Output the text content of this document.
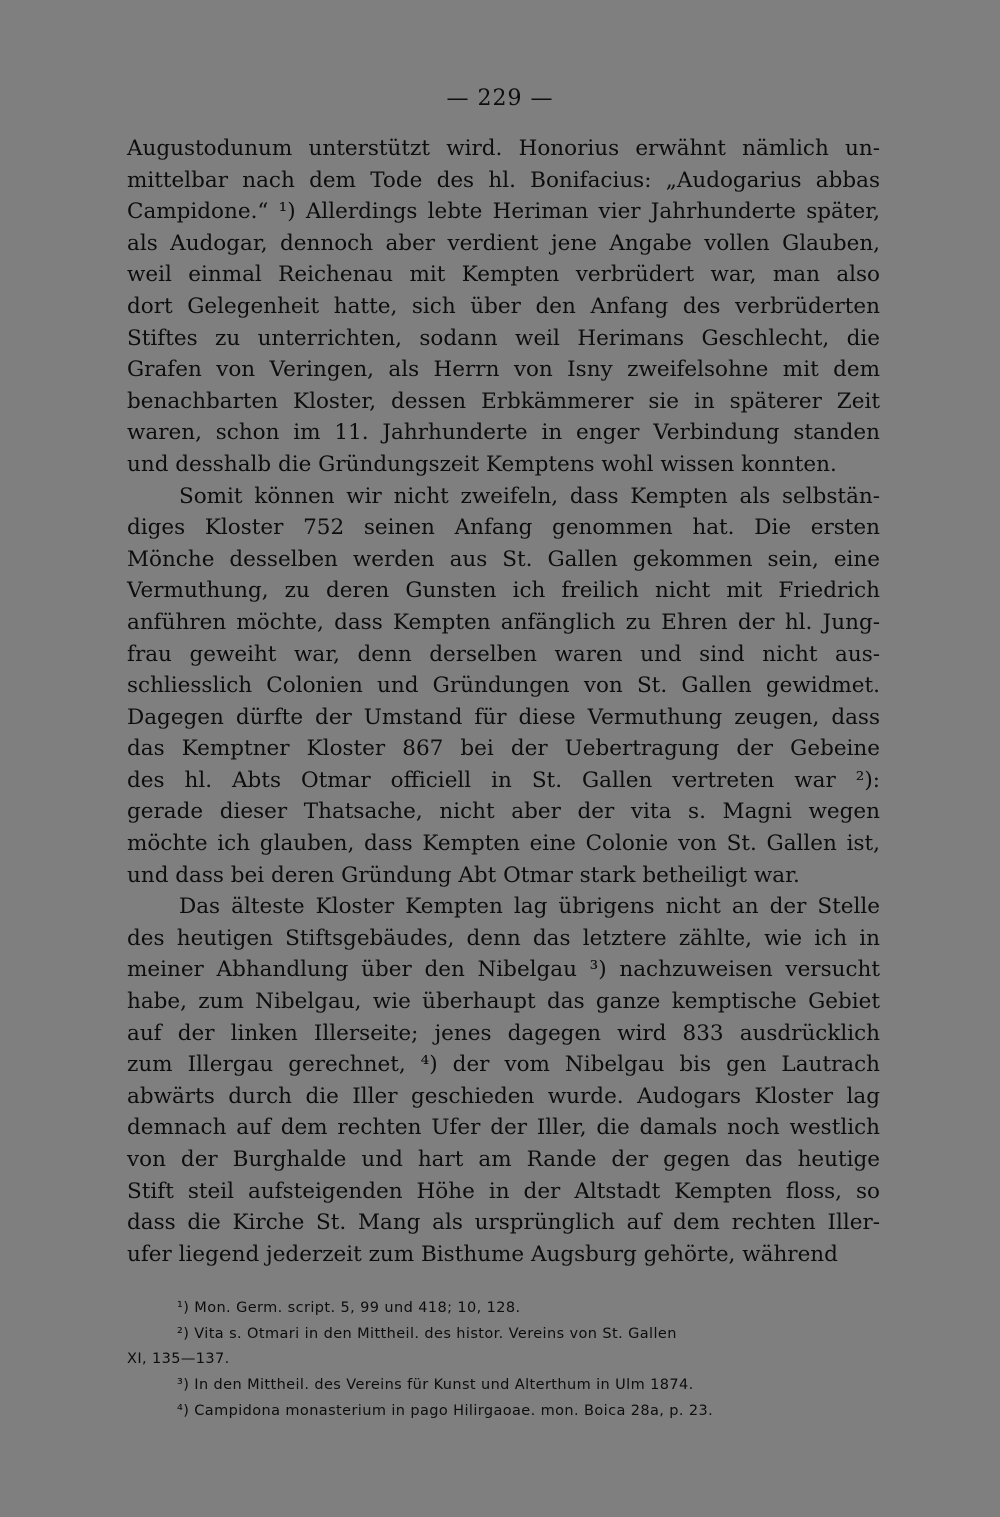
— 229 —
Augustodunum unterstützt wird. Honorius erwähnt nämlich un-
mittelbar nach dem Tode des hl. Bonifacius: „Audogarius abbas
Campidone.“ ¹) Allerdings lebte Heriman vier Jahrhunderte später,
als Audogar, dennoch aber verdient jene Angabe vollen Glauben,
weil einmal Reichenau mit Kempten verbrüdert war, man also
dort Gelegenheit hatte, sich über den Anfang des verbrüderten
Stiftes zu unterrichten, sodann weil Herimans Geschlecht, die
Grafen von Veringen, als Herrn von Isny zweifelsohne mit dem
benachbarten Kloster, dessen Erbkämmerer sie in späterer Zeit
waren, schon im 11. Jahrhunderte in enger Verbindung standen
und desshalb die Gründungszeit Kemptens wohl wissen konnten.
Somit können wir nicht zweifeln, dass Kempten als selbstän-
diges Kloster 752 seinen Anfang genommen hat. Die ersten
Mönche desselben werden aus St. Gallen gekommen sein, eine
Vermuthung, zu deren Gunsten ich freilich nicht mit Friedrich
anführen möchte, dass Kempten anfänglich zu Ehren der hl. Jung-
frau geweiht war, denn derselben waren und sind nicht aus-
schliesslich Colonien und Gründungen von St. Gallen gewidmet.
Dagegen dürfte der Umstand für diese Vermuthung zeugen, dass
das Kemptner Kloster 867 bei der Uebertragung der Gebeine
des hl. Abts Otmar officiell in St. Gallen vertreten war ²):
gerade dieser Thatsache, nicht aber der vita s. Magni wegen
möchte ich glauben, dass Kempten eine Colonie von St. Gallen ist,
und dass bei deren Gründung Abt Otmar stark betheiligt war.
Das älteste Kloster Kempten lag übrigens nicht an der Stelle
des heutigen Stiftsgebäudes, denn das letztere zählte, wie ich in
meiner Abhandlung über den Nibelgau ³) nachzuweisen versucht
habe, zum Nibelgau, wie überhaupt das ganze kemptische Gebiet
auf der linken Illerseite; jenes dagegen wird 833 ausdrücklich
zum Illergau gerechnet, ⁴) der vom Nibelgau bis gen Lautrach
abwärts durch die Iller geschieden wurde. Audogars Kloster lag
demnach auf dem rechten Ufer der Iller, die damals noch westlich
von der Burghalde und hart am Rande der gegen das heutige
Stift steil aufsteigenden Höhe in der Altstadt Kempten floss, so
dass die Kirche St. Mang als ursprünglich auf dem rechten Iller-
ufer liegend jederzeit zum Bisthume Augsburg gehörte, während
¹) Mon. Germ. script. 5, 99 und 418; 10, 128.
²) Vita s. Otmari in den Mittheil. des histor. Vereins von St. Gallen
XI, 135—137.
³) In den Mittheil. des Vereins für Kunst und Alterthum in Ulm 1874.
⁴) Campidona monasterium in pago Hilirgaoae. mon. Boica 28a, p. 23.
